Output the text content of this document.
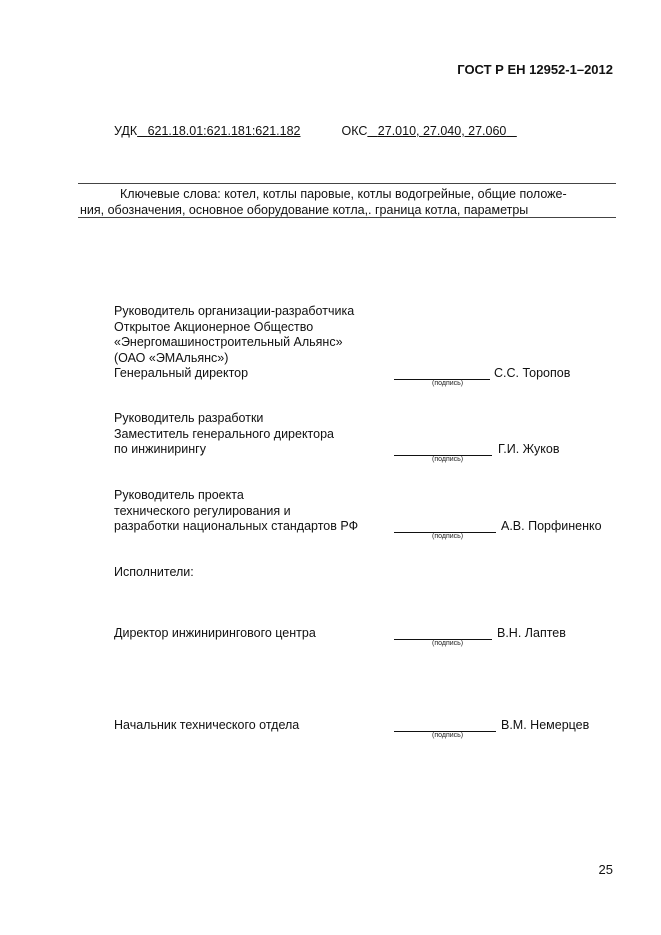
ГОСТ Р ЕН 12952-1–2012
УДК 621.18.01:621.181:621.182	ОКС 27.010, 27.040, 27.060
Ключевые слова: котел, котлы паровые, котлы водогрейные, общие положе-
ния, обозначения, основное оборудование котла,. граница котла, параметры
Руководитель организации-разработчика
Открытое Акционерное Общество
«Энергомашиностроительный Альянс»
(ОАО «ЭМАльянс»)
Генеральный директор
(подпись)
С.С. Торопов
Руководитель разработки
Заместитель генерального директора
по инжинирингу
(подпись)
Г.И. Жуков
Руководитель проекта
технического регулирования и
разработки национальных стандартов РФ
(подпись)
А.В. Порфиненко
Исполнители:
Директор инжинирингового центра
(подпись)
В.Н. Лаптев
Начальник технического отдела
(подпись)
В.М. Немерцев
25
